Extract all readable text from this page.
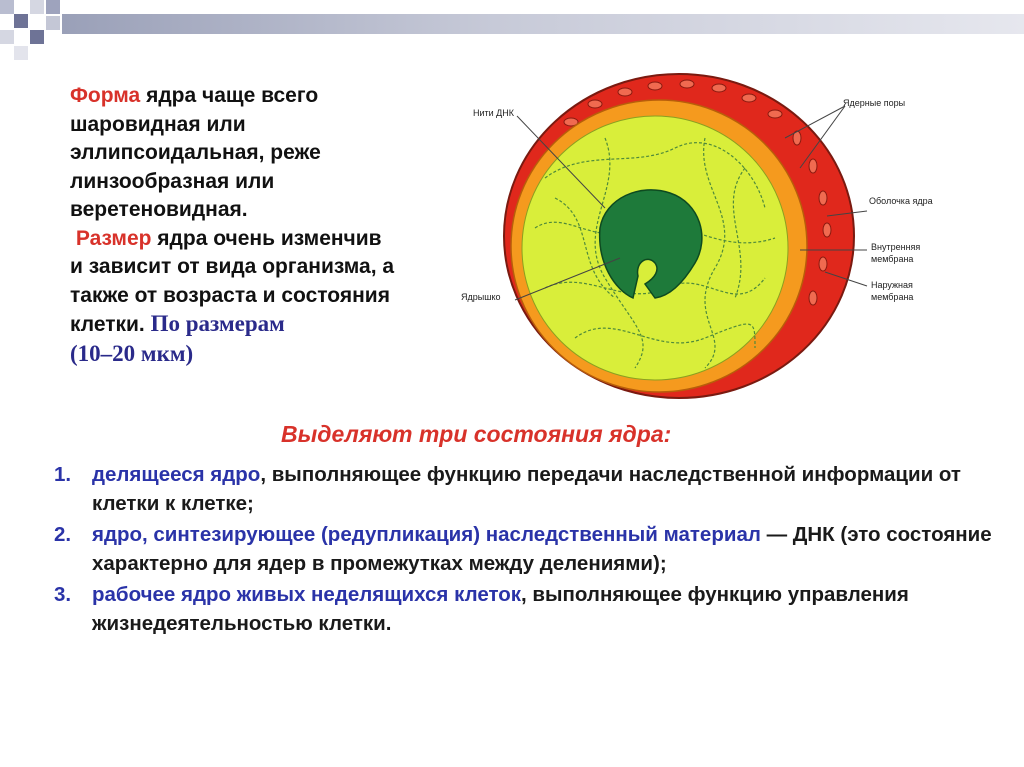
Форма ядра чаще всего шаровидная или эллипсоидальная, реже линзообразная или веретеновидная.
Размер ядра очень изменчив и зависит от вида организма, а также от возраста и состояния клетки. По размерам
(10–20 мкм)
Нити ДНК
Ядерные поры
Оболочка ядра
Внутренняя
мембрана
Наружная
мембрана
Ядрышко
Выделяют три состояния ядра:
1. делящееся ядро, выполняющее функцию передачи наследственной информации от клетки к клетке;
2. ядро, синтезирующее (редупликация) наследственный материал — ДНК (это состояние характерно для ядер в промежутках между делениями);
3. рабочее ядро живых неделящихся клеток, выполняющее функцию управления жизнедеятельностью клетки.
